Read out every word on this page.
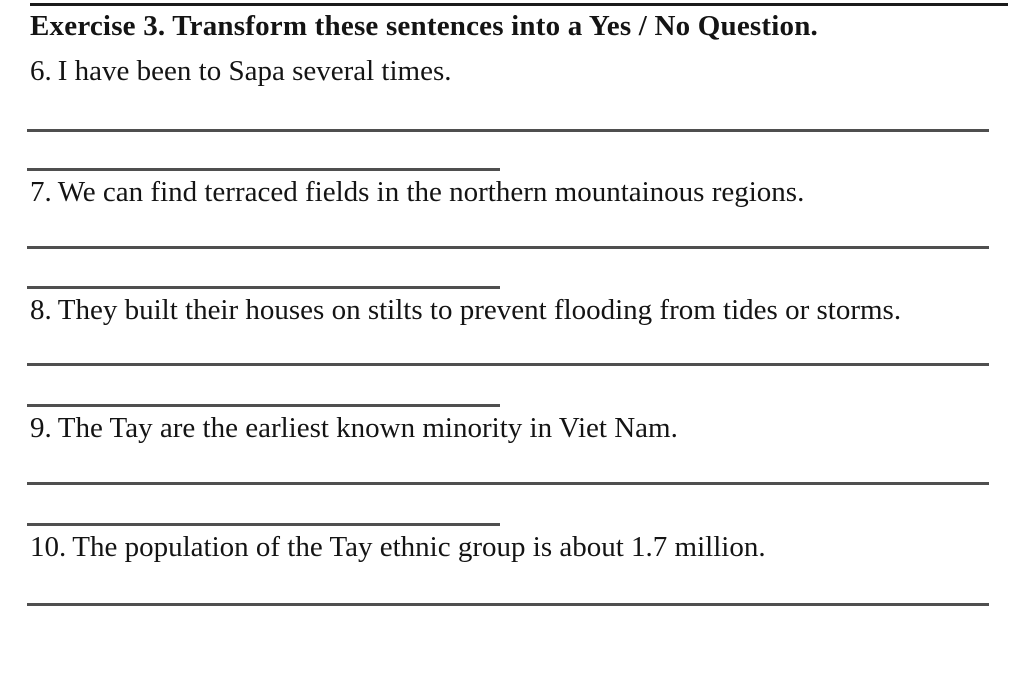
Exercise 3. Transform these sentences into a Yes / No Question.

6. I have been to Sapa several times.

7. We can find terraced fields in the northern mountainous regions.

8. They built their houses on stilts to prevent flooding from tides or storms.

9. The Tay are the earliest known minority in Viet Nam.

10. The population of the Tay ethnic group is about 1.7 million.
